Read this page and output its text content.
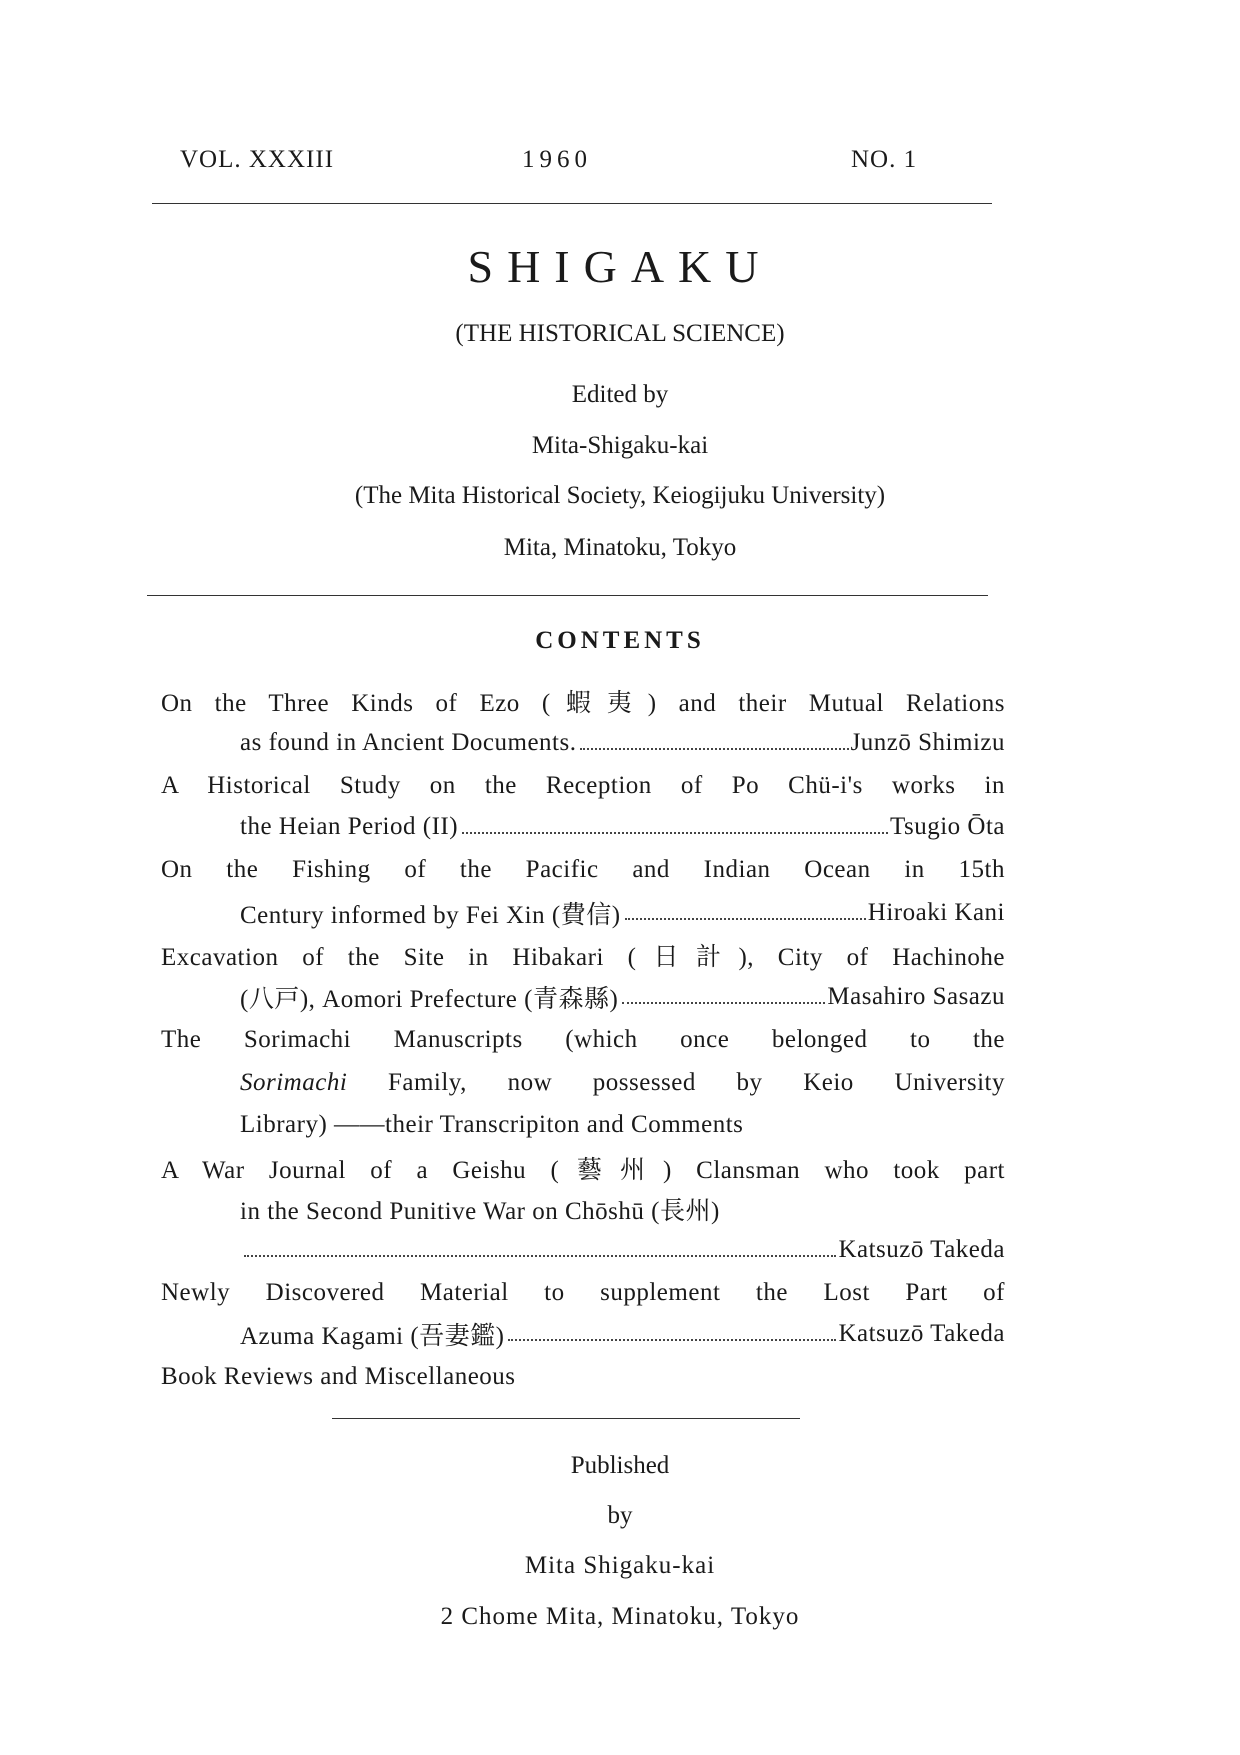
VOL. XXXIII	1960	NO. 1
SHIGAKU
(THE HISTORICAL SCIENCE)
Edited by
Mita-Shigaku-kai
(The Mita Historical Society, Keiogijuku University)
Mita, Minatoku, Tokyo
CONTENTS
On the Three Kinds of Ezo (蝦夷) and their Mutual Relations
as found in Ancient Documents.	Junzō Shimizu
A Historical Study on the Reception of Po Chü-i's works in
the Heian Period (II)	Tsugio Ōta
On the Fishing of the Pacific and Indian Ocean in 15th
Century informed by Fei Xin (費信)	Hiroaki Kani
Excavation of the Site in Hibakari (日計), City of Hachinohe
(八戸), Aomori Prefecture (青森縣)	Masahiro Sasazu
The Sorimachi Manuscripts (which once belonged to the
Sorimachi Family, now possessed by Keio University
Library) ——their Transcripiton and Comments
A War Journal of a Geishu (藝州) Clansman who took part
in the Second Punitive War on Chōshū (長州)
Katsuzō Takeda
Newly Discovered Material to supplement the Lost Part of
Azuma Kagami (吾妻鑑)	Katsuzō Takeda
Book Reviews and Miscellaneous
Published
by
Mita Shigaku-kai
2 Chome Mita, Minatoku, Tokyo
